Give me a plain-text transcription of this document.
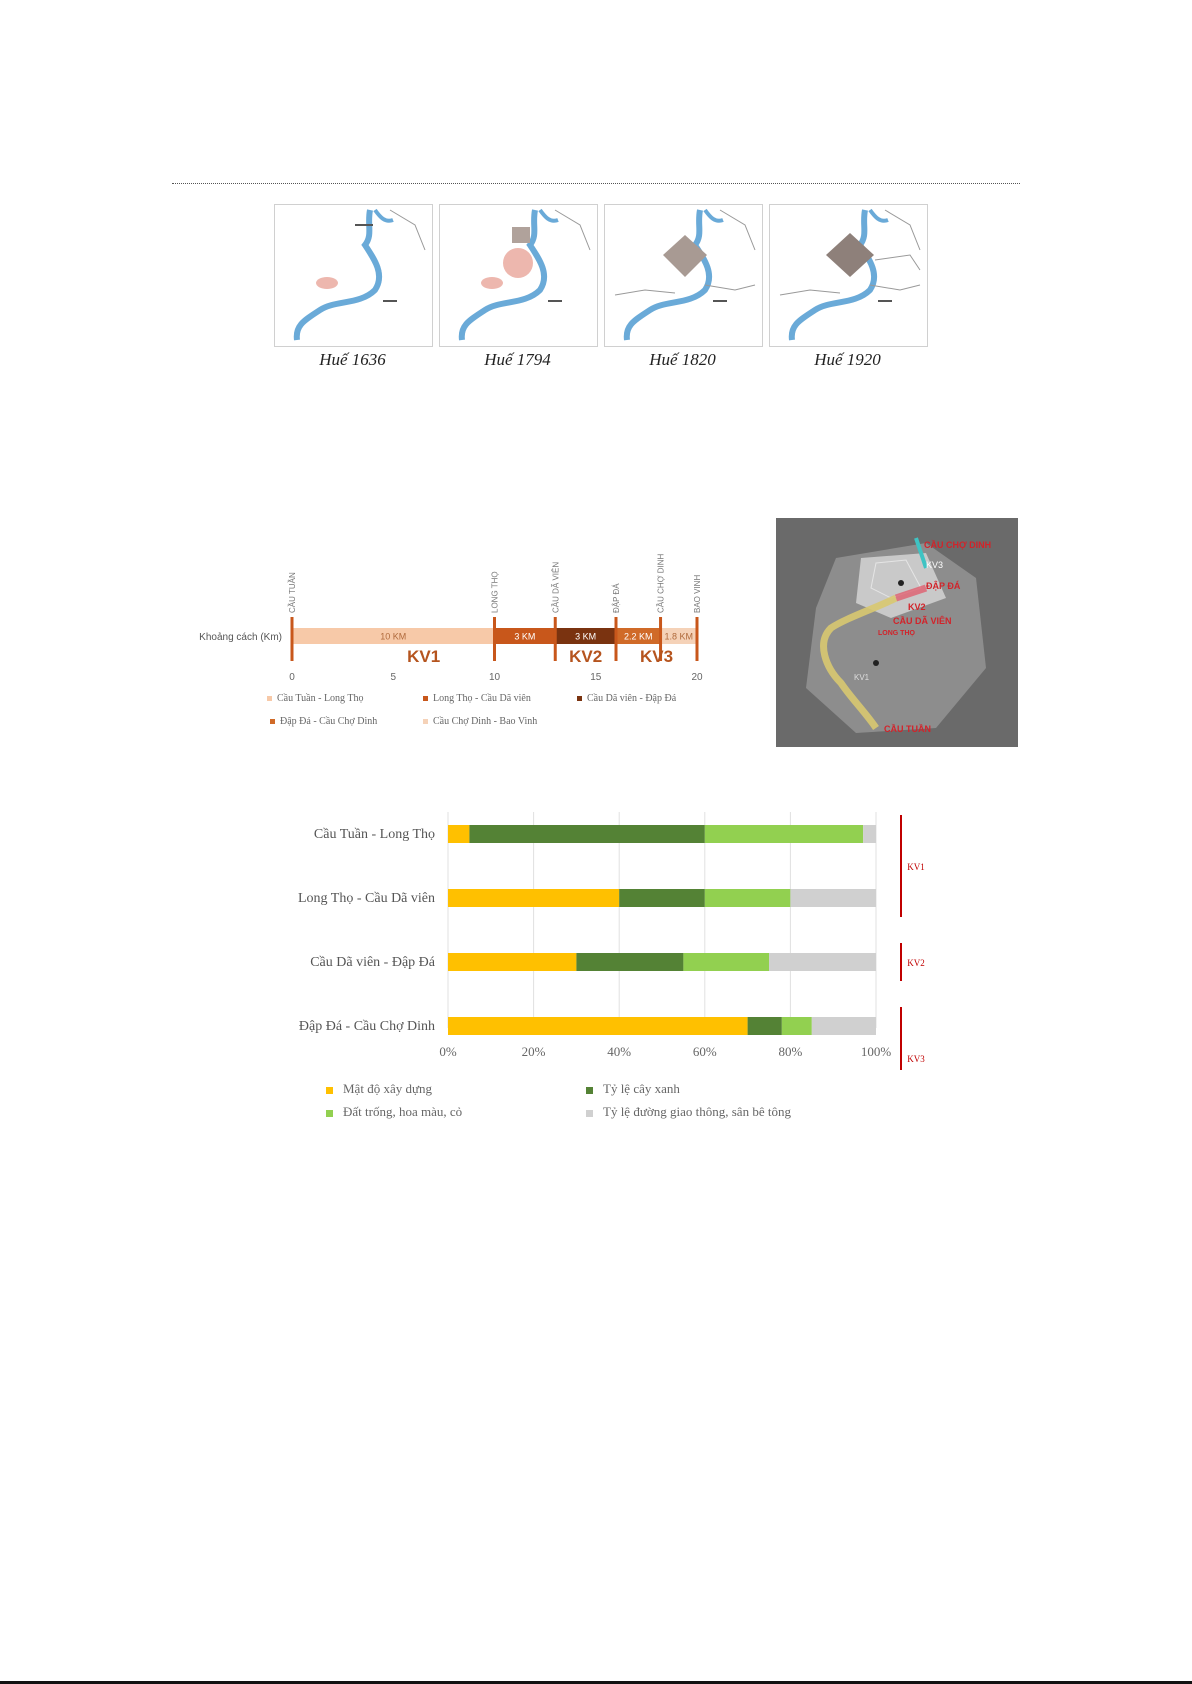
Huế 1636	Huế 1794	Huế 1820	Huế 1920
Khoảng cách (Km)	10 KM	3 KM	3 KM	2.2 KM 1.8 KM
CẦU TUẦN	LONG THỌ	CẦU DÃ VIÊN	ĐẬP ĐÁ	CẦU CHỢ DINH	BAO VINH
KV1	KV2 KV3
0	5	10	15	20
Cầu Tuần - Long Thọ	Long Thọ - Cầu Dã viên	Cầu Dã viên - Đập Đá
Đập Đá - Cầu Chợ Dinh	Cầu Chợ Dinh - Bao Vinh
CẦU CHỢ DINH
KV3
ĐẬP ĐÁ
KV2
CẦU DÃ VIÊN
LONG THỌ
KV1
CẦU TUẦN
Cầu Tuần - Long Thọ
Long Thọ - Cầu Dã viên
Cầu Dã viên - Đập Đá
Đập Đá - Cầu Chợ Dinh
0%	20%	40%	60%	80%	100%
KV1
KV2
KV3
Mật độ xây dựng	Tỷ lệ cây xanh
Đất trống, hoa màu, cỏ	Tỷ lệ đường giao thông, sân bê tông
